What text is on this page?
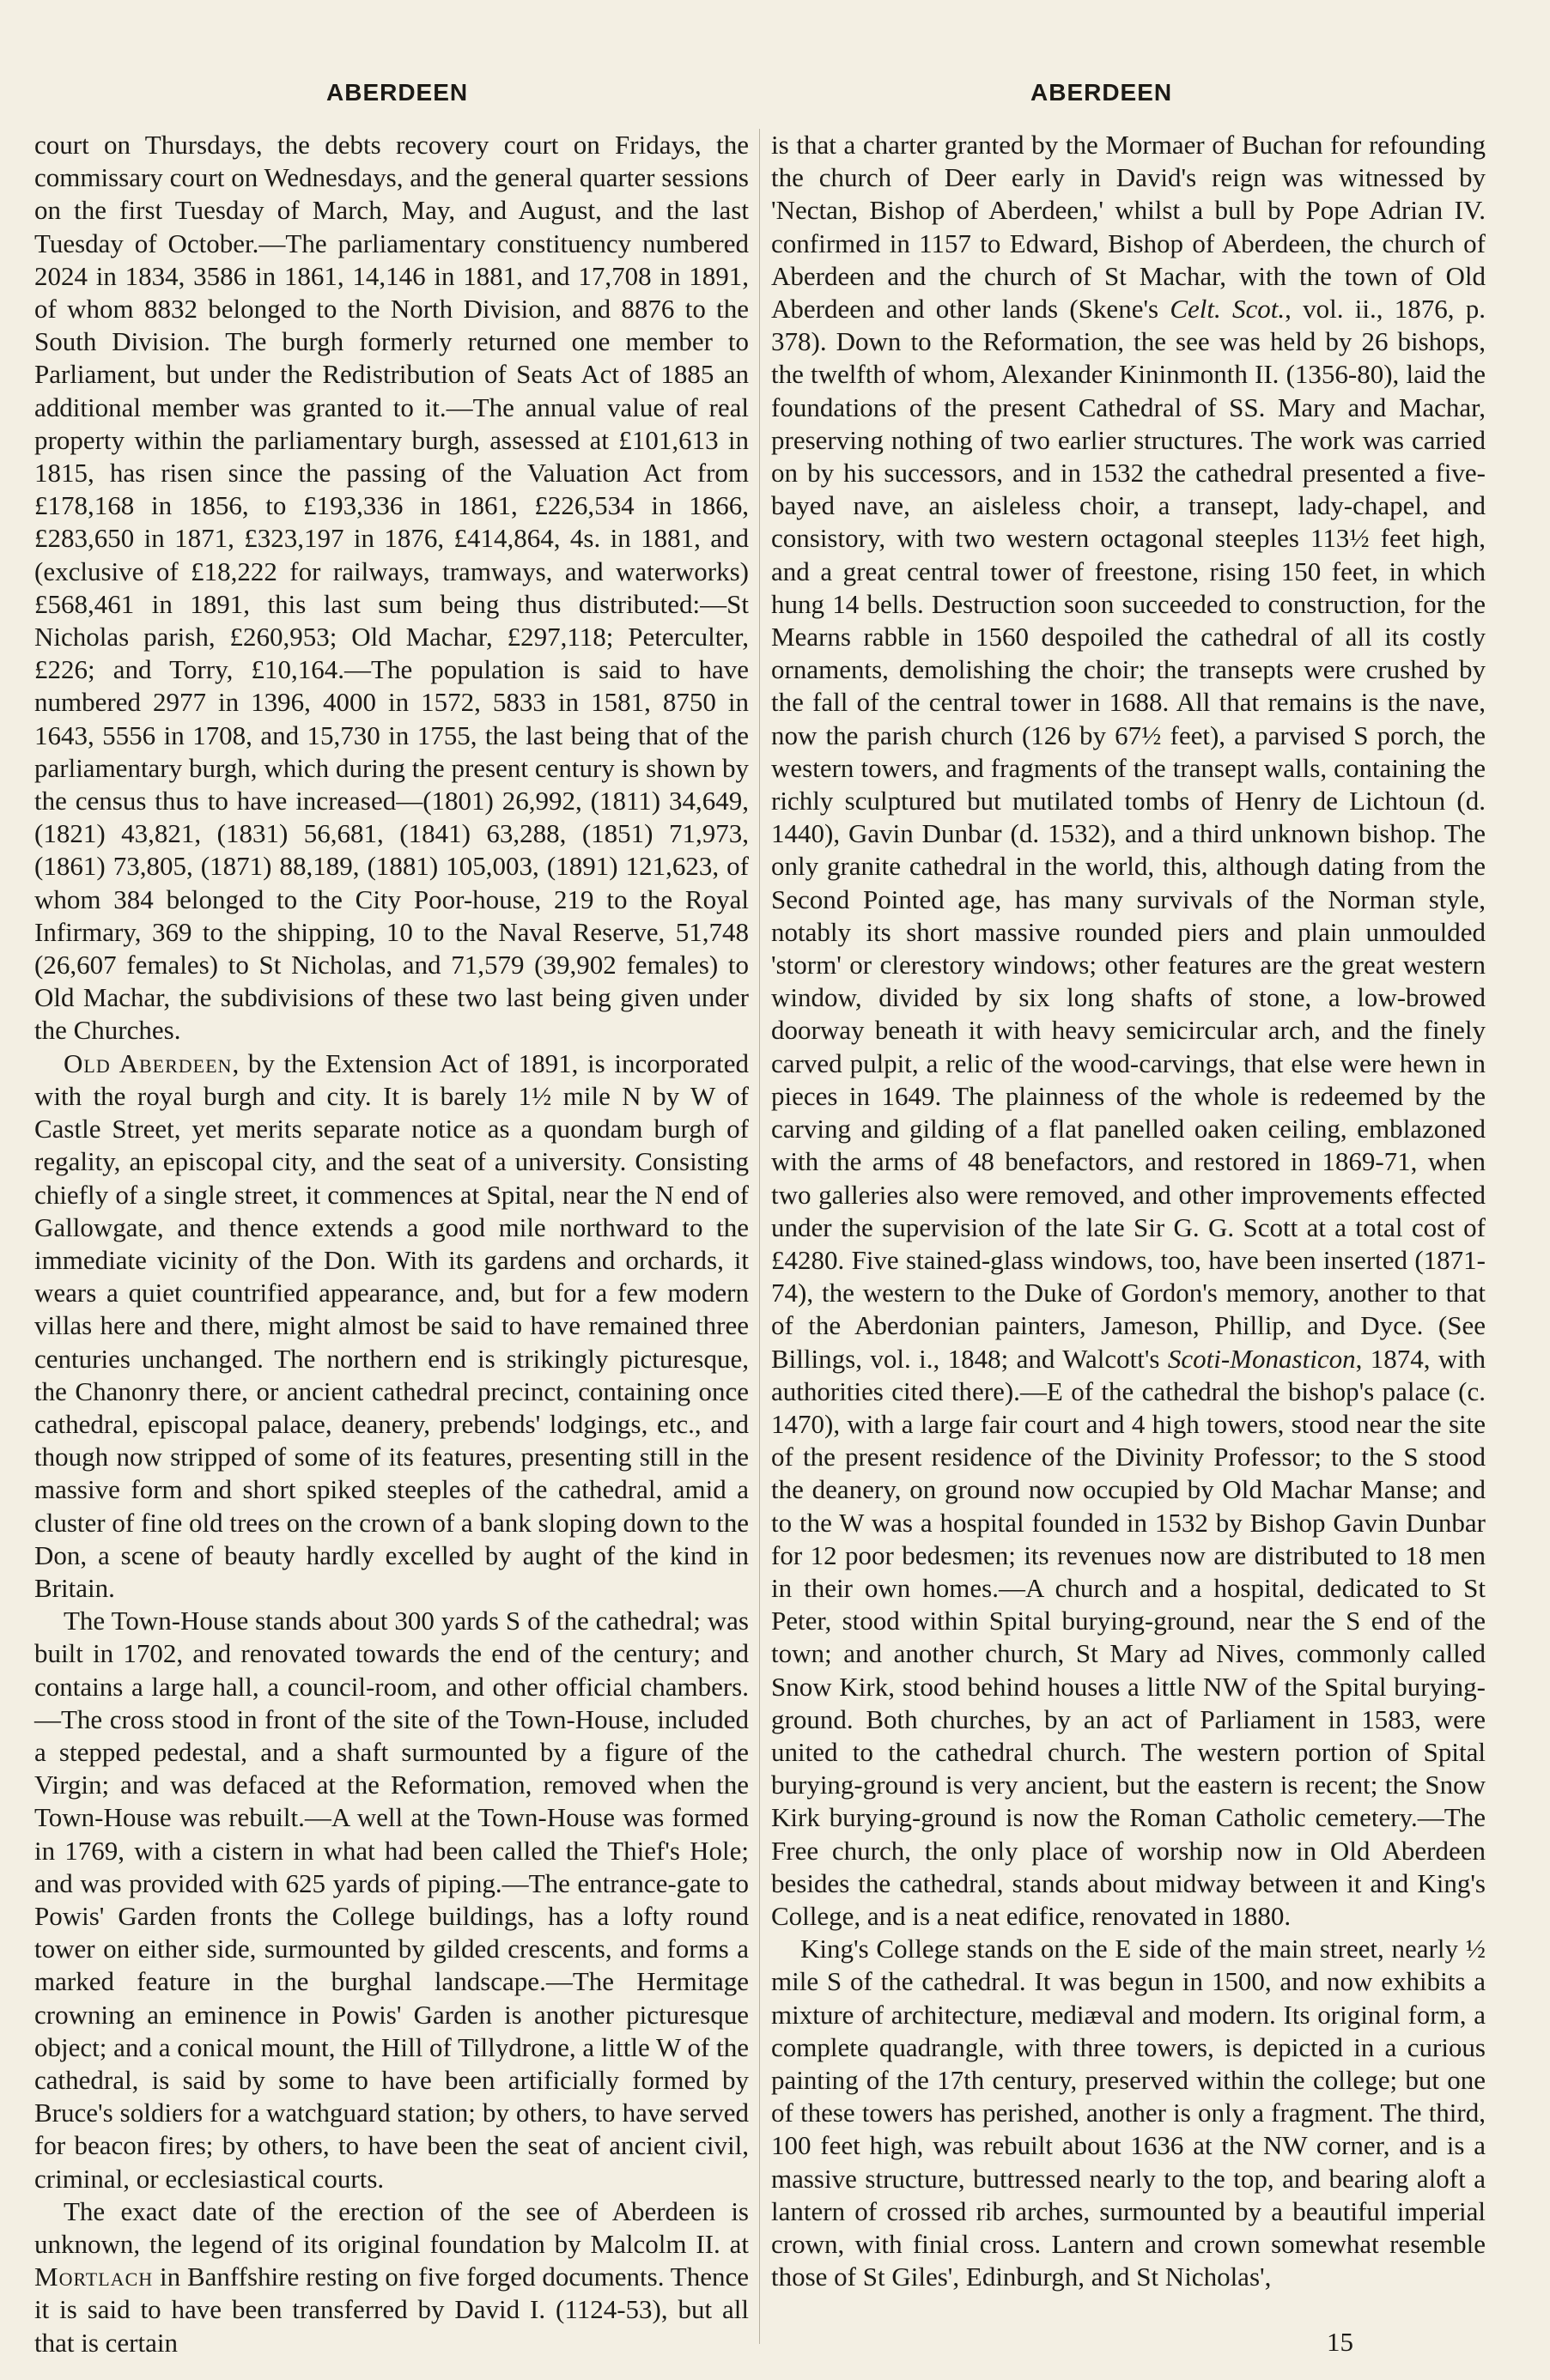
ABERDEEN	ABERDEEN

court on Thursdays, the debts recovery court on Fridays, the commissary court on Wednesdays, and the general quarter sessions on the first Tuesday of March, May, and August, and the last Tuesday of October.—The parliamentary constituency numbered 2024 in 1834, 3586 in 1861, 14,146 in 1881, and 17,708 in 1891, of whom 8832 belonged to the North Division, and 8876 to the South Division. The burgh formerly returned one member to Parliament, but under the Redistribution of Seats Act of 1885 an additional member was granted to it.—The annual value of real property within the parliamentary burgh, assessed at £101,613 in 1815, has risen since the passing of the Valuation Act from £178,168 in 1856, to £193,336 in 1861, £226,534 in 1866, £283,650 in 1871, £323,197 in 1876, £414,864, 4s. in 1881, and (exclusive of £18,222 for railways, tramways, and waterworks) £568,461 in 1891, this last sum being thus distributed:—St Nicholas parish, £260,953; Old Machar, £297,118; Peterculter, £226; and Torry, £10,164.—The population is said to have numbered 2977 in 1396, 4000 in 1572, 5833 in 1581, 8750 in 1643, 5556 in 1708, and 15,730 in 1755, the last being that of the parliamentary burgh, which during the present century is shown by the census thus to have increased—(1801) 26,992, (1811) 34,649, (1821) 43,821, (1831) 56,681, (1841) 63,288, (1851) 71,973, (1861) 73,805, (1871) 88,189, (1881) 105,003, (1891) 121,623, of whom 384 belonged to the City Poor-house, 219 to the Royal Infirmary, 369 to the shipping, 10 to the Naval Reserve, 51,748 (26,607 females) to St Nicholas, and 71,579 (39,902 females) to Old Machar, the subdivisions of these two last being given under the Churches.

Old Aberdeen, by the Extension Act of 1891, is incorporated with the royal burgh and city. It is barely 1½ mile N by W of Castle Street, yet merits separate notice as a quondam burgh of regality, an episcopal city, and the seat of a university. Consisting chiefly of a single street, it commences at Spital, near the N end of Gallowgate, and thence extends a good mile northward to the immediate vicinity of the Don. With its gardens and orchards, it wears a quiet countrified appearance, and, but for a few modern villas here and there, might almost be said to have remained three centuries unchanged. The northern end is strikingly picturesque, the Chanonry there, or ancient cathedral precinct, containing once cathedral, episcopal palace, deanery, prebends' lodgings, etc., and though now stripped of some of its features, presenting still in the massive form and short spiked steeples of the cathedral, amid a cluster of fine old trees on the crown of a bank sloping down to the Don, a scene of beauty hardly excelled by aught of the kind in Britain.

The Town-House stands about 300 yards S of the cathedral; was built in 1702, and renovated towards the end of the century; and contains a large hall, a council-room, and other official chambers.—The cross stood in front of the site of the Town-House, included a stepped pedestal, and a shaft surmounted by a figure of the Virgin; and was defaced at the Reformation, removed when the Town-House was rebuilt.—A well at the Town-House was formed in 1769, with a cistern in what had been called the Thief's Hole; and was provided with 625 yards of piping.—The entrance-gate to Powis' Garden fronts the College buildings, has a lofty round tower on either side, surmounted by gilded crescents, and forms a marked feature in the burghal landscape.—The Hermitage crowning an eminence in Powis' Garden is another picturesque object; and a conical mount, the Hill of Tillydrone, a little W of the cathedral, is said by some to have been artificially formed by Bruce's soldiers for a watchguard station; by others, to have served for beacon fires; by others, to have been the seat of ancient civil, criminal, or ecclesiastical courts.

The exact date of the erection of the see of Aberdeen is unknown, the legend of its original foundation by Malcolm II. at Mortlach in Banffshire resting on five forged documents. Thence it is said to have been transferred by David I. (1124-53), but all that is certain

is that a charter granted by the Mormaer of Buchan for refounding the church of Deer early in David's reign was witnessed by 'Nectan, Bishop of Aberdeen,' whilst a bull by Pope Adrian IV. confirmed in 1157 to Edward, Bishop of Aberdeen, the church of Aberdeen and the church of St Machar, with the town of Old Aberdeen and other lands (Skene's Celt. Scot., vol. ii., 1876, p. 378). Down to the Reformation, the see was held by 26 bishops, the twelfth of whom, Alexander Kininmonth II. (1356-80), laid the foundations of the present Cathedral of SS. Mary and Machar, preserving nothing of two earlier structures. The work was carried on by his successors, and in 1532 the cathedral presented a five-bayed nave, an aisleless choir, a transept, lady-chapel, and consistory, with two western octagonal steeples 113½ feet high, and a great central tower of freestone, rising 150 feet, in which hung 14 bells. Destruction soon succeeded to construction, for the Mearns rabble in 1560 despoiled the cathedral of all its costly ornaments, demolishing the choir; the transepts were crushed by the fall of the central tower in 1688. All that remains is the nave, now the parish church (126 by 67½ feet), a parvised S porch, the western towers, and fragments of the transept walls, containing the richly sculptured but mutilated tombs of Henry de Lichtoun (d. 1440), Gavin Dunbar (d. 1532), and a third unknown bishop. The only granite cathedral in the world, this, although dating from the Second Pointed age, has many survivals of the Norman style, notably its short massive rounded piers and plain unmoulded 'storm' or clerestory windows; other features are the great western window, divided by six long shafts of stone, a low-browed doorway beneath it with heavy semicircular arch, and the finely carved pulpit, a relic of the wood-carvings, that else were hewn in pieces in 1649. The plainness of the whole is redeemed by the carving and gilding of a flat panelled oaken ceiling, emblazoned with the arms of 48 benefactors, and restored in 1869-71, when two galleries also were removed, and other improvements effected under the supervision of the late Sir G. G. Scott at a total cost of £4280. Five stained-glass windows, too, have been inserted (1871-74), the western to the Duke of Gordon's memory, another to that of the Aberdonian painters, Jameson, Phillip, and Dyce. (See Billings, vol. i., 1848; and Walcott's Scoti-Monasticon, 1874, with authorities cited there).—E of the cathedral the bishop's palace (c. 1470), with a large fair court and 4 high towers, stood near the site of the present residence of the Divinity Professor; to the S stood the deanery, on ground now occupied by Old Machar Manse; and to the W was a hospital founded in 1532 by Bishop Gavin Dunbar for 12 poor bedesmen; its revenues now are distributed to 18 men in their own homes.—A church and a hospital, dedicated to St Peter, stood within Spital burying-ground, near the S end of the town; and another church, St Mary ad Nives, commonly called Snow Kirk, stood behind houses a little NW of the Spital burying-ground. Both churches, by an act of Parliament in 1583, were united to the cathedral church. The western portion of Spital burying-ground is very ancient, but the eastern is recent; the Snow Kirk burying-ground is now the Roman Catholic cemetery.—The Free church, the only place of worship now in Old Aberdeen besides the cathedral, stands about midway between it and King's College, and is a neat edifice, renovated in 1880.

King's College stands on the E side of the main street, nearly ½ mile S of the cathedral. It was begun in 1500, and now exhibits a mixture of architecture, mediæval and modern. Its original form, a complete quadrangle, with three towers, is depicted in a curious painting of the 17th century, preserved within the college; but one of these towers has perished, another is only a fragment. The third, 100 feet high, was rebuilt about 1636 at the NW corner, and is a massive structure, buttressed nearly to the top, and bearing aloft a lantern of crossed rib arches, surmounted by a beautiful imperial crown, with finial cross. Lantern and crown somewhat resemble those of St Giles', Edinburgh, and St Nicholas',

15
